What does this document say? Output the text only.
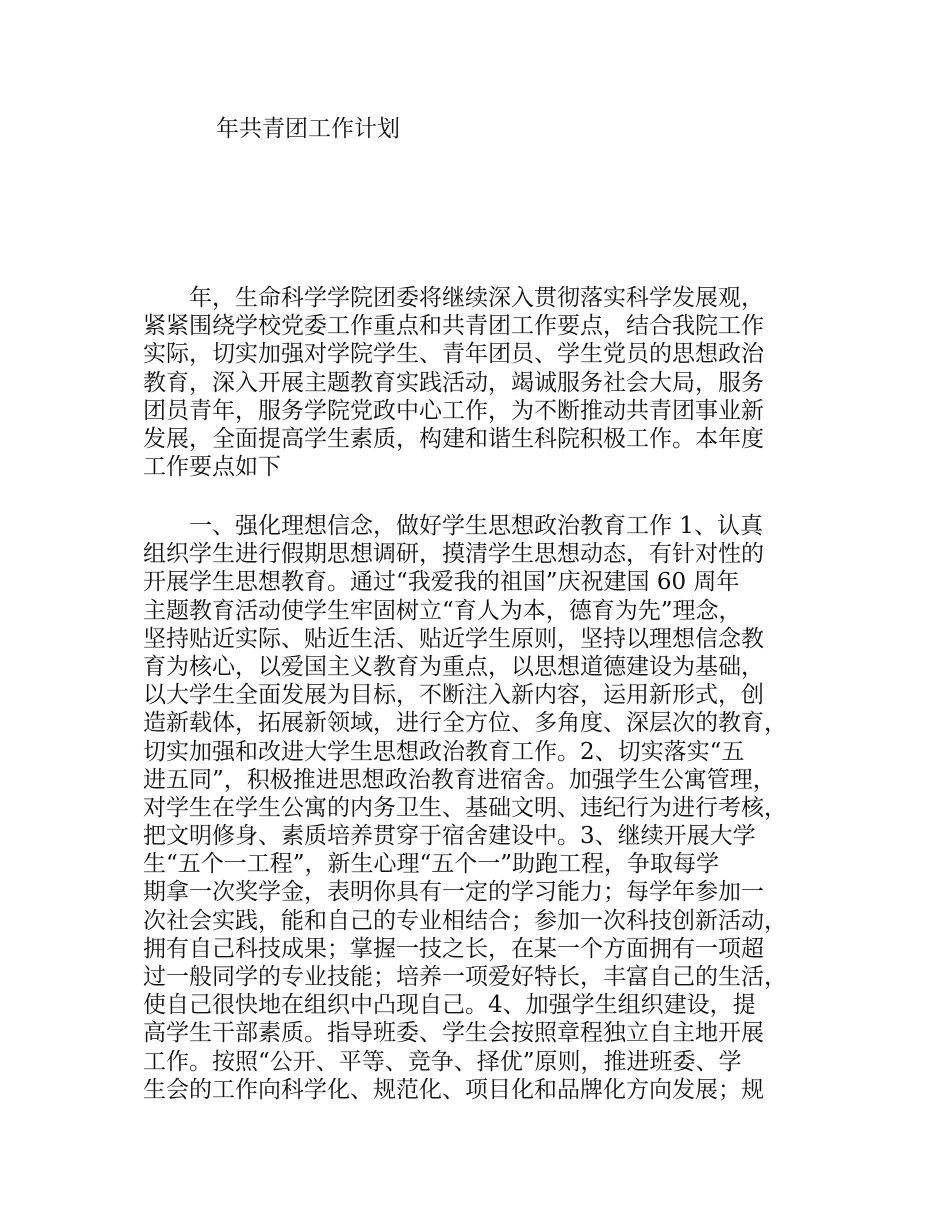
年共青团工作计划
　　年，生命科学学院团委将继续深入贯彻落实科学发展观，
紧紧围绕学校党委工作重点和共青团工作要点，结合我院工作
实际，切实加强对学院学生、青年团员、学生党员的思想政治
教育，深入开展主题教育实践活动，竭诚服务社会大局，服务
团员青年，服务学院党政中心工作，为不断推动共青团事业新
发展，全面提高学生素质，构建和谐生科院积极工作。本年度
工作要点如下
　　一、强化理想信念，做好学生思想政治教育工作 1、认真
组织学生进行假期思想调研，摸清学生思想动态，有针对性的
开展学生思想教育。通过“我爱我的祖国”庆祝建国 60 周年
主题教育活动使学生牢固树立“育人为本，德育为先”理念，
坚持贴近实际、贴近生活、贴近学生原则，坚持以理想信念教
育为核心，以爱国主义教育为重点，以思想道德建设为基础，
以大学生全面发展为目标，不断注入新内容，运用新形式，创
造新载体，拓展新领域，进行全方位、多角度、深层次的教育，
切实加强和改进大学生思想政治教育工作。2、切实落实“五
进五同”，积极推进思想政治教育进宿舍。加强学生公寓管理，
对学生在学生公寓的内务卫生、基础文明、违纪行为进行考核，
把文明修身、素质培养贯穿于宿舍建设中。3、继续开展大学
生“五个一工程”，新生心理“五个一”助跑工程，争取每学
期拿一次奖学金，表明你具有一定的学习能力；每学年参加一
次社会实践，能和自己的专业相结合；参加一次科技创新活动，
拥有自己科技成果；掌握一技之长，在某一个方面拥有一项超
过一般同学的专业技能；培养一项爱好特长，丰富自己的生活，
使自己很快地在组织中凸现自己。4、加强学生组织建设，提
高学生干部素质。指导班委、学生会按照章程独立自主地开展
工作。按照“公开、平等、竞争、择优”原则，推进班委、学
生会的工作向科学化、规范化、项目化和品牌化方向发展；规
